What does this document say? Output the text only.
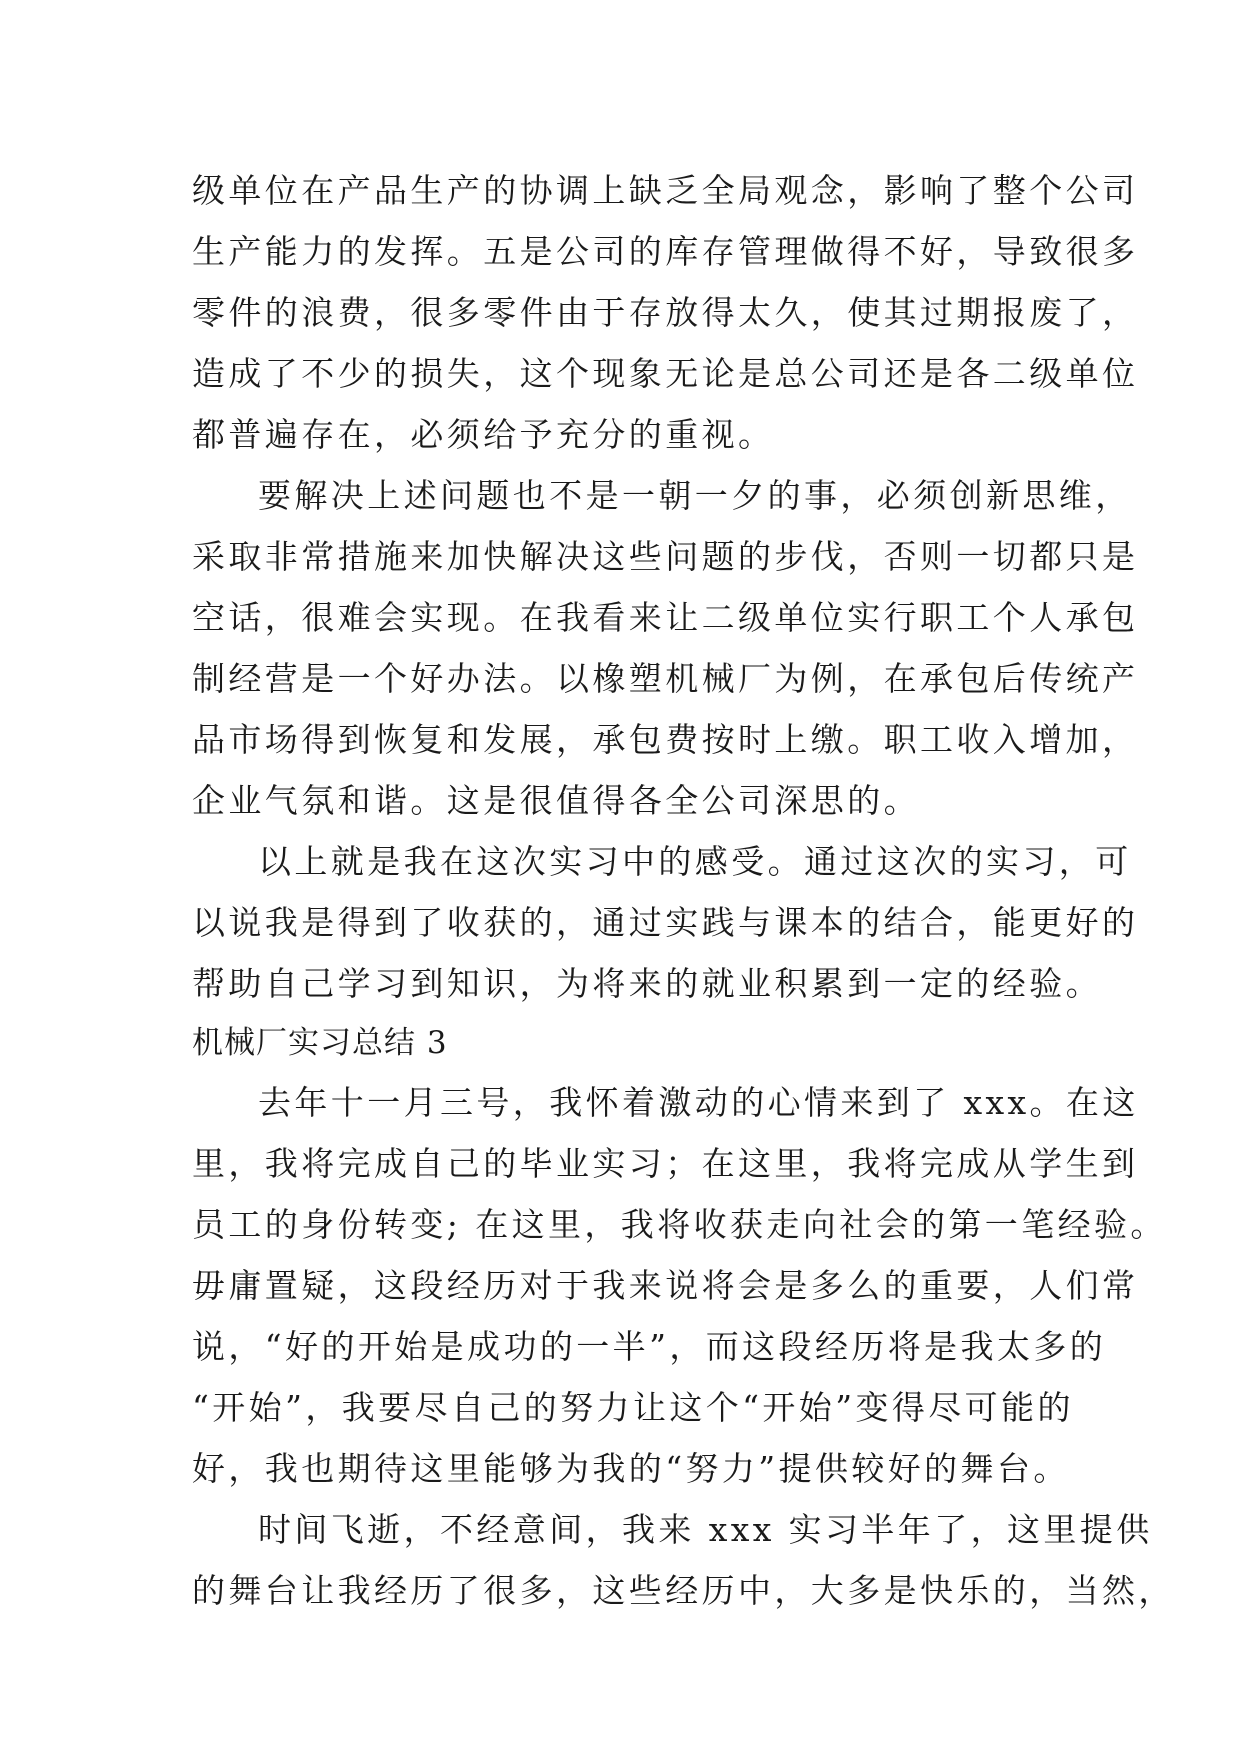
级单位在产品生产的协调上缺乏全局观念，影响了整个公司
生产能力的发挥。五是公司的库存管理做得不好，导致很多
零件的浪费，很多零件由于存放得太久，使其过期报废了，
造成了不少的损失，这个现象无论是总公司还是各二级单位
都普遍存在，必须给予充分的重视。
要解决上述问题也不是一朝一夕的事，必须创新思维，
采取非常措施来加快解决这些问题的步伐，否则一切都只是
空话，很难会实现。在我看来让二级单位实行职工个人承包
制经营是一个好办法。以橡塑机械厂为例，在承包后传统产
品市场得到恢复和发展，承包费按时上缴。职工收入增加，
企业气氛和谐。这是很值得各全公司深思的。
以上就是我在这次实习中的感受。通过这次的实习，可
以说我是得到了收获的，通过实践与课本的结合，能更好的
帮助自己学习到知识，为将来的就业积累到一定的经验。
机械厂实习总结 3
去年十一月三号，我怀着激动的心情来到了 xxx。在这
里，我将完成自己的毕业实习；在这里，我将完成从学生到
员工的身份转变; 在这里，我将收获走向社会的第一笔经验。
毋庸置疑，这段经历对于我来说将会是多么的重要，人们常
说，“好的开始是成功的一半”，而这段经历将是我太多的
“开始”，我要尽自己的努力让这个“开始”变得尽可能的
好，我也期待这里能够为我的“努力”提供较好的舞台。
时间飞逝，不经意间，我来 xxx 实习半年了，这里提供
的舞台让我经历了很多，这些经历中，大多是快乐的，当然，
